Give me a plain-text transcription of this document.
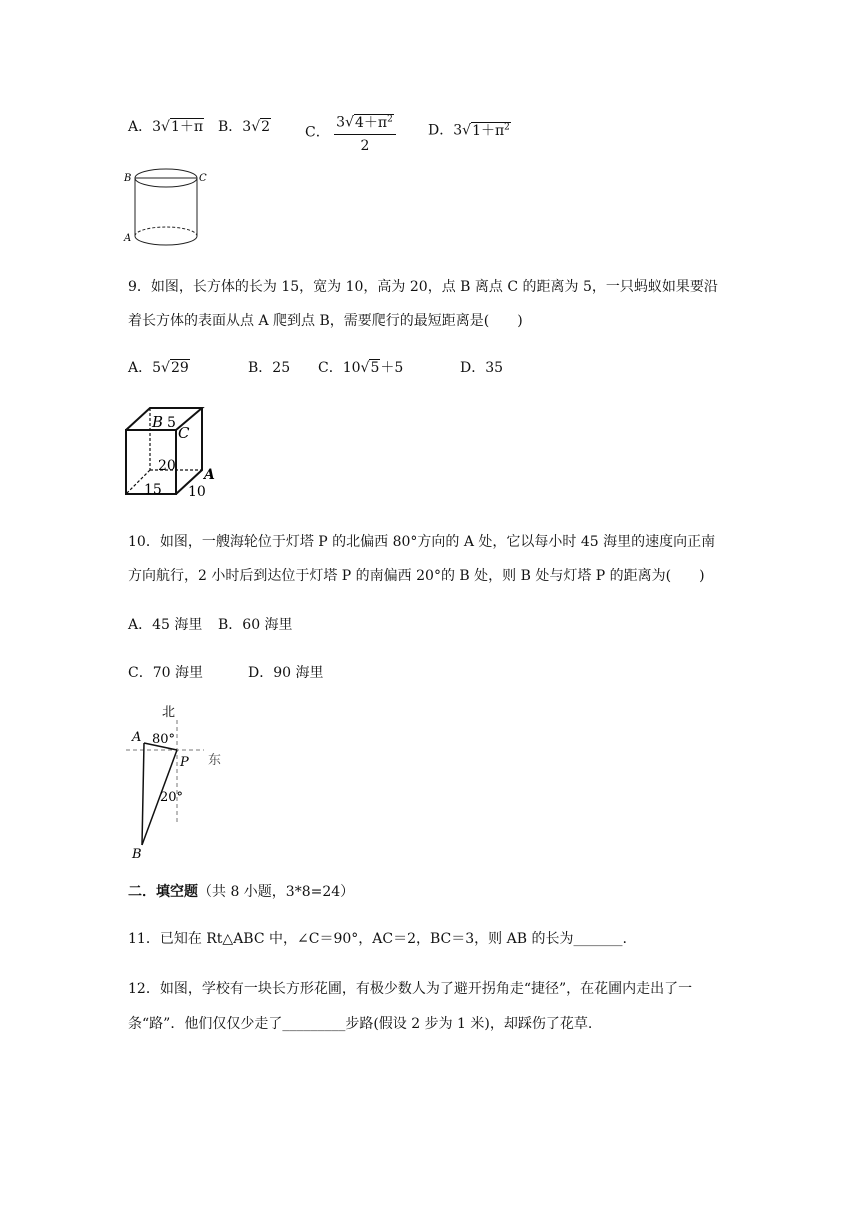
A．3√1＋π B．3√2 C． $\frac{3√4+\pi^2}{2}$ D．$3√1+\pi^2$
B	C
A
9．如图，长方体的长为 15，宽为 10，高为 20，点 B 离点 C 的距离为 5，一只蚂蚁如果要沿
着长方体的表面从点 A 爬到点 B，需要爬行的最短距离是(　　)
A．5√29	B．25 C．10√5＋5	D．35
B 5
C
20
A
15 10
10．如图，一艘海轮位于灯塔 P 的北偏西 80°方向的 A 处，它以每小时 45 海里的速度向正南
方向航行，2 小时后到达位于灯塔 P 的南偏西 20°的 B 处，则 B 处与灯塔 P 的距离为(　　)
A．45 海里 B．60 海里
C．70 海里	D．90 海里
北
A 80°
P 东
20°
B
二．填空题（共 8 小题，3*8=24）
11．已知在 Rt△ABC 中，∠C＝90°，AC＝2，BC＝3，则 AB 的长为_______.
12．如图，学校有一块长方形花圃，有极少数人为了避开拐角走“捷径”，在花圃内走出了一
条“路”．他们仅仅少走了_________步路(假设 2 步为 1 米)，却踩伤了花草.
